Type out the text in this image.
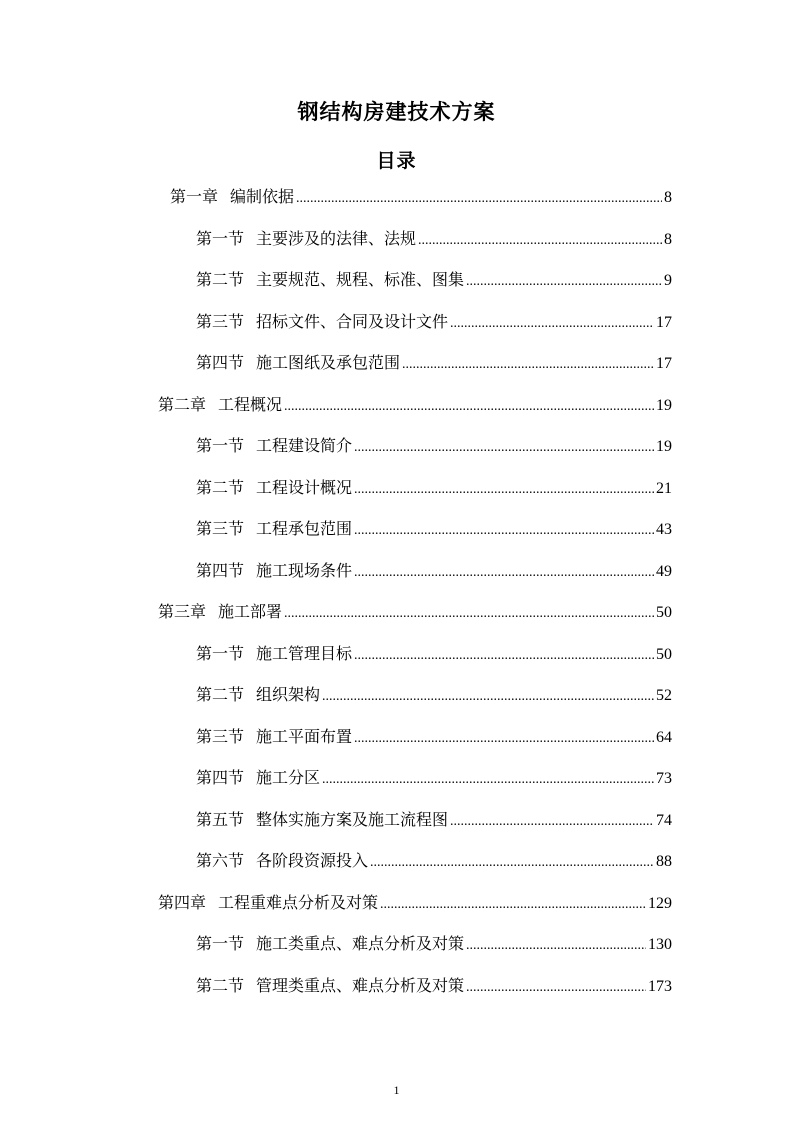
钢结构房建技术方案
目录
第一章 编制依据 .....	8
第一节 主要涉及的法律、法规 .....	8
第二节 主要规范、规程、标准、图集 .....	9
第三节 招标文件、合同及设计文件 .....	17
第四节 施工图纸及承包范围 .....	17
第二章 工程概况 .....	19
第一节 工程建设简介 .....	19
第二节 工程设计概况 .....	21
第三节 工程承包范围 .....	43
第四节 施工现场条件 .....	49
第三章 施工部署 .....	50
第一节 施工管理目标 .....	50
第二节 组织架构 .....	52
第三节 施工平面布置 .....	64
第四节 施工分区 .....	73
第五节 整体实施方案及施工流程图 .....	74
第六节 各阶段资源投入 .....	88
第四章 工程重难点分析及对策 .....	129
第一节 施工类重点、难点分析及对策 .....	130
第二节 管理类重点、难点分析及对策 .....	173
1
